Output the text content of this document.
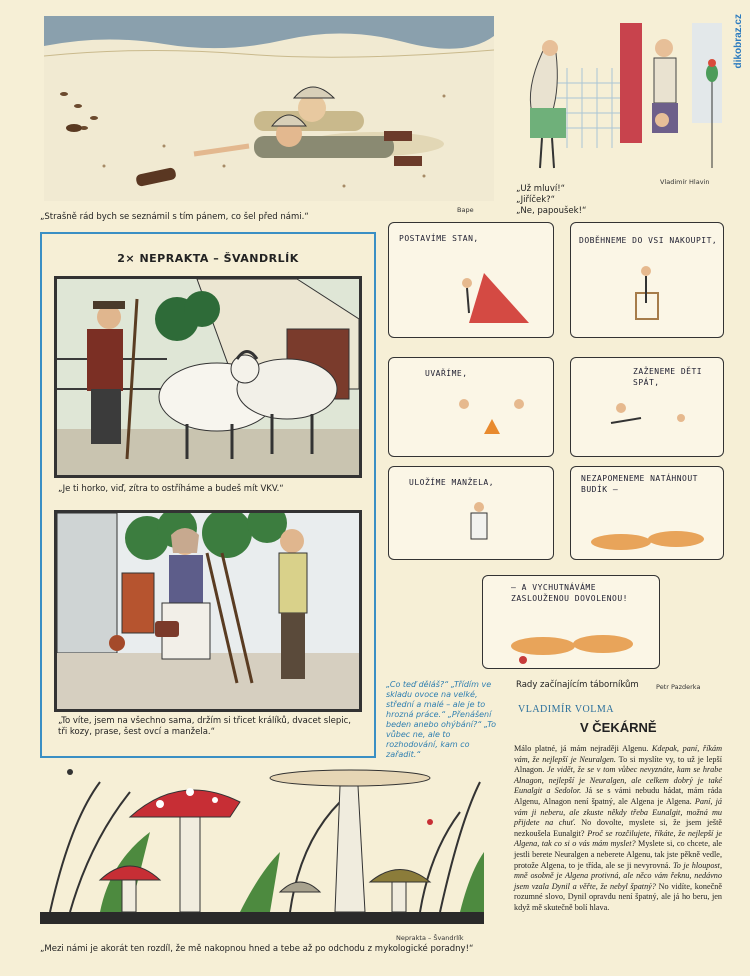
dikobraz.cz
„Strašně rád bych se seznámil s tím pánem, co šel před námi.“
Bape
„Už mluví!“
„Jiříček?“
„Ne, papoušek!“
Vladimír Hlavin
2× NEPRAKTA – ŠVANDRLÍK
„Je ti horko, viď, zítra to ostříháme a budeš mít VKV.“
„To víte, jsem na všechno sama, držím si třicet králíků, dvacet slepic, tři kozy, prase, šest ovcí a manžela.“
POSTAVÍME STAN,	DOBĚHNEME DO VSI NAKOUPIT,
UVAŘÍME,	ZAŽENEME DĚTI SPÁT,
ULOŽÍME MANŽELA,	NEZAPOMENEME NATÁHNOUT BUDÍK –
– A VYCHUTNÁVÁME ZASLOUŽENOU DOVOLENOU!
Rady začínajícím táborníkům	Petr Pazderka
„Co teď děláš?“ „Třídím ve skladu ovoce na velké, střední a malé – ale je to hrozná práce.“ „Přenášení beden anebo ohýbání?“ „To vůbec ne, ale to rozhodování, kam co zařadit.“
VLADIMÍR VOLMA
V ČEKÁRNĚ
Málo platné, já mám nejraději Algenu. Kdepak, paní, říkám vám, že nejlepší je Neuralgen. To si myslíte vy, to už je lepší Alnagon. Je vidět, že se v tom vůbec nevyznáte, kam se hrabe Alnagon, nejlepší je Neuralgen, ale celkem dobrý je také Eunalgit a Sedolor. Já se s vámi nebudu hádat, mám ráda Algenu, Alnagon není špatný, ale Algena je Algena. Paní, já vám ji neberu, ale zkuste někdy třeba Eunalgit, možná mu přijdete na chuť. No dovolte, myslete si, že jsem ještě nezkoušela Eunalgit? Proč se rozčilujete, říkáte, že nejlepší je Algena, tak co si o vás mám myslet? Myslete si, co chcete, ale jestli berete Neuralgen a neberete Algenu, tak jste pěkně vedle, protože Algena, to je třída, ale se ji nevyrovná. To je hloupost, mně osobně je Algena protivná, ale něco vám řeknu, nedávno jsem vzala Dynil a věřte, že nebyl špatný? No vidíte, konečně rozumné slovo, Dynil opravdu není špatný, ale já ho beru, jen když mě skutečně bolí hlava.
Neprakta – Švandrlík
„Mezi námi je akorát ten rozdíl, že mě nakopnou hned a tebe až po odchodu z mykologické poradny!“
